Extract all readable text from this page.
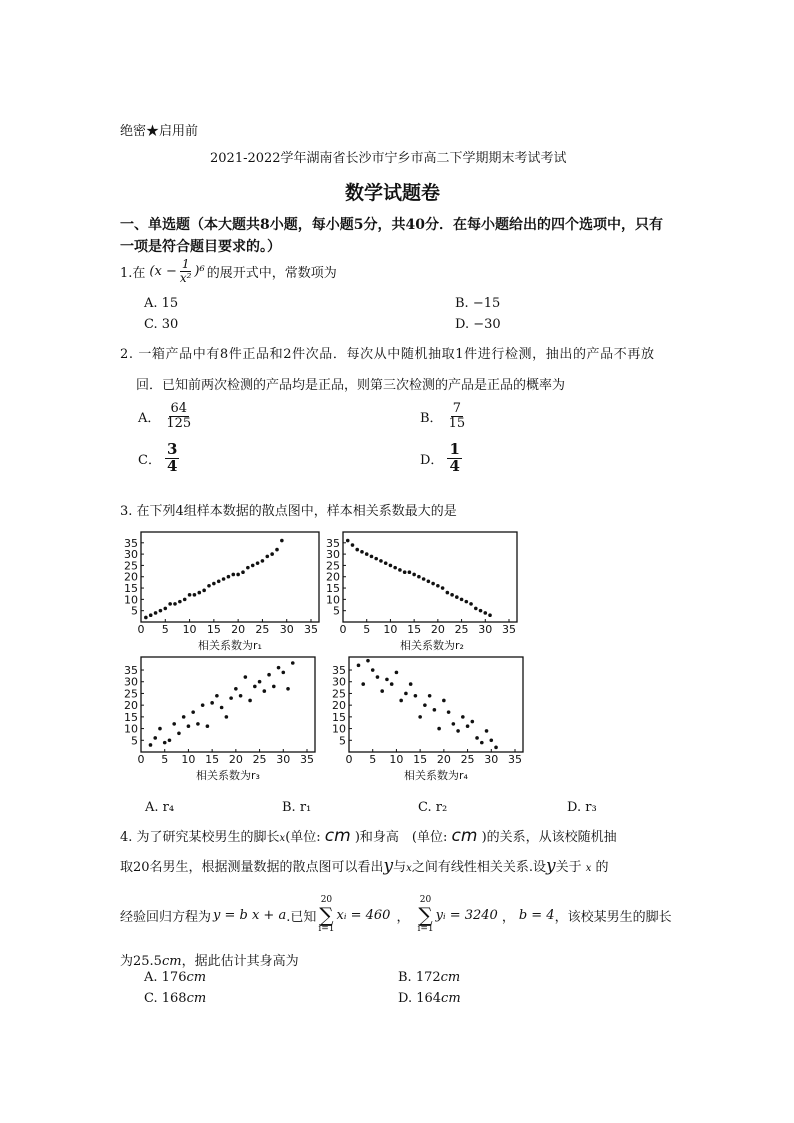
绝密★启用前
2021-2022学年湖南省长沙市宁乡市高二下学期期末考试考试
数学试题卷
一、单选题（本大题共8小题，每小题5分，共40分．在每小题给出的四个选项中，只有
一项是符合题目要求的。）
1.在 $(x - \frac{1}{\text{x²}} )^6$ 的展开式中，常数项为
A. 15	B. −15
C. 30	D. −30
2. 一箱产品中有8件正品和2件次品．每次从中随机抽取1件进行检测，抽出的产品不再放
回．已知前两次检测的产品均是正品，则第三次检测的产品是正品的概率为
A． $\frac{64}{125}$	B． $\frac{7}{15}$
C． $\frac{3}{4}$	D． $\frac{1}{4}$
3. 在下列4组样本数据的散点图中，样本相关系数最大的是
0 5 10 15 20 25 30 35
5
10
15
20
25
30
35
相关系数为r₁
0 5 10 15 20 25 30 35
5
10
15
20
25
30
35
相关系数为r₂
0 5 10 15 20 25 30 35
5
10
15
20
25
30
35
相关系数为r₃
0 5 10 15 20 25 30 35
5
10
15
20
25
30
35
相关系数为r₄
A. r₄	B. r₁	C. r₂	D. r₃
4. 为了研究某校男生的脚长x(单位: cm )和身高　(单位: cm )的关系，从该校随机抽
取20名男生，根据测量数据的散点图可以看出y与x之间有线性相关关系.设y关于 x 的
经验回归方程为 y = b x + a .已知
20
∑
i=1
xᵢ = 460 ，
20
∑
i=1
yᵢ = 3240 ， b = 4 ，该校某男生的脚长
为25.5cm，据此估计其身高为
A. 176cm	B. 172cm
C. 168cm	D. 164cm
